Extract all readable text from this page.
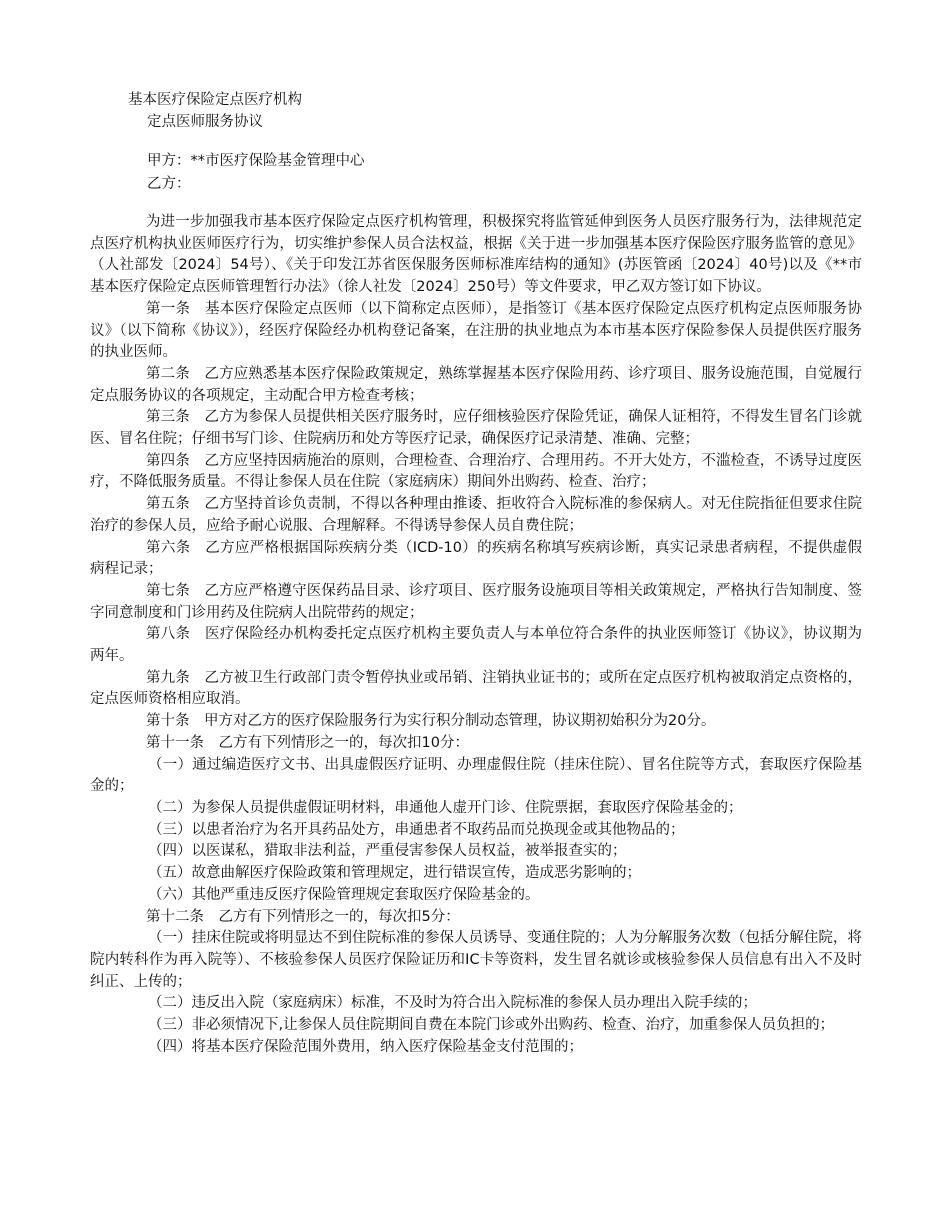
基本医疗保险定点医疗机构
定点医师服务协议
甲方：**市医疗保险基金管理中心
乙方：

为进一步加强我市基本医疗保险定点医疗机构管理，积极探究将监管延伸到医务人员医疗服务行为，法律规范定点医疗机构执业医师医疗行为，切实维护参保人员合法权益，根据《关于进一步加强基本医疗保险医疗服务监管的意见》（人社部发〔2024〕54号）、《关于印发江苏省医保服务医师标准库结构的通知》(苏医管函〔2024〕40号)以及《**市基本医疗保险定点医师管理暂行办法》（徐人社发〔2024〕250号）等文件要求，甲乙双方签订如下协议。

第一条　基本医疗保险定点医师（以下简称定点医师），是指签订《基本医疗保险定点医疗机构定点医师服务协议》（以下简称《协议》），经医疗保险经办机构登记备案，在注册的执业地点为本市基本医疗保险参保人员提供医疗服务的执业医师。

第二条　乙方应熟悉基本医疗保险政策规定，熟练掌握基本医疗保险用药、诊疗项目、服务设施范围，自觉履行定点服务协议的各项规定，主动配合甲方检查考核；

第三条　乙方为参保人员提供相关医疗服务时，应仔细核验医疗保险凭证，确保人证相符，不得发生冒名门诊就医、冒名住院；仔细书写门诊、住院病历和处方等医疗记录，确保医疗记录清楚、准确、完整；

第四条　乙方应坚持因病施治的原则，合理检查、合理治疗、合理用药。不开大处方，不滥检查，不诱导过度医疗，不降低服务质量。不得让参保人员在住院（家庭病床）期间外出购药、检查、治疗；

第五条　乙方坚持首诊负责制，不得以各种理由推诿、拒收符合入院标准的参保病人。对无住院指征但要求住院治疗的参保人员，应给予耐心说服、合理解释。不得诱导参保人员自费住院；

第六条　乙方应严格根据国际疾病分类（ICD-10）的疾病名称填写疾病诊断，真实记录患者病程，不提供虚假病程记录；

第七条　乙方应严格遵守医保药品目录、诊疗项目、医疗服务设施项目等相关政策规定，严格执行告知制度、签字同意制度和门诊用药及住院病人出院带药的规定；

第八条　医疗保险经办机构委托定点医疗机构主要负责人与本单位符合条件的执业医师签订《协议》，协议期为两年。

第九条　乙方被卫生行政部门责令暂停执业或吊销、注销执业证书的；或所在定点医疗机构被取消定点资格的，定点医师资格相应取消。

第十条　甲方对乙方的医疗保险服务行为实行积分制动态管理，协议期初始积分为20分。

第十一条　乙方有下列情形之一的，每次扣10分：

（一）通过编造医疗文书、出具虚假医疗证明、办理虚假住院（挂床住院）、冒名住院等方式，套取医疗保险基金的；

（二）为参保人员提供虚假证明材料，串通他人虚开门诊、住院票据，套取医疗保险基金的；

（三）以患者治疗为名开具药品处方，串通患者不取药品而兑换现金或其他物品的；

（四）以医谋私，猎取非法利益，严重侵害参保人员权益，被举报查实的；

（五）故意曲解医疗保险政策和管理规定，进行错误宣传，造成恶劣影响的；

（六）其他严重违反医疗保险管理规定套取医疗保险基金的。

第十二条　乙方有下列情形之一的，每次扣5分：

（一）挂床住院或将明显达不到住院标准的参保人员诱导、变通住院的；人为分解服务次数（包括分解住院，将院内转科作为再入院等）、不核验参保人员医疗保险证历和IC卡等资料，发生冒名就诊或核验参保人员信息有出入不及时纠正、上传的；

（二）违反出入院（家庭病床）标准，不及时为符合出入院标准的参保人员办理出入院手续的；

（三）非必须情况下,让参保人员住院期间自费在本院门诊或外出购药、检查、治疗，加重参保人员负担的；

（四）将基本医疗保险范围外费用，纳入医疗保险基金支付范围的；
